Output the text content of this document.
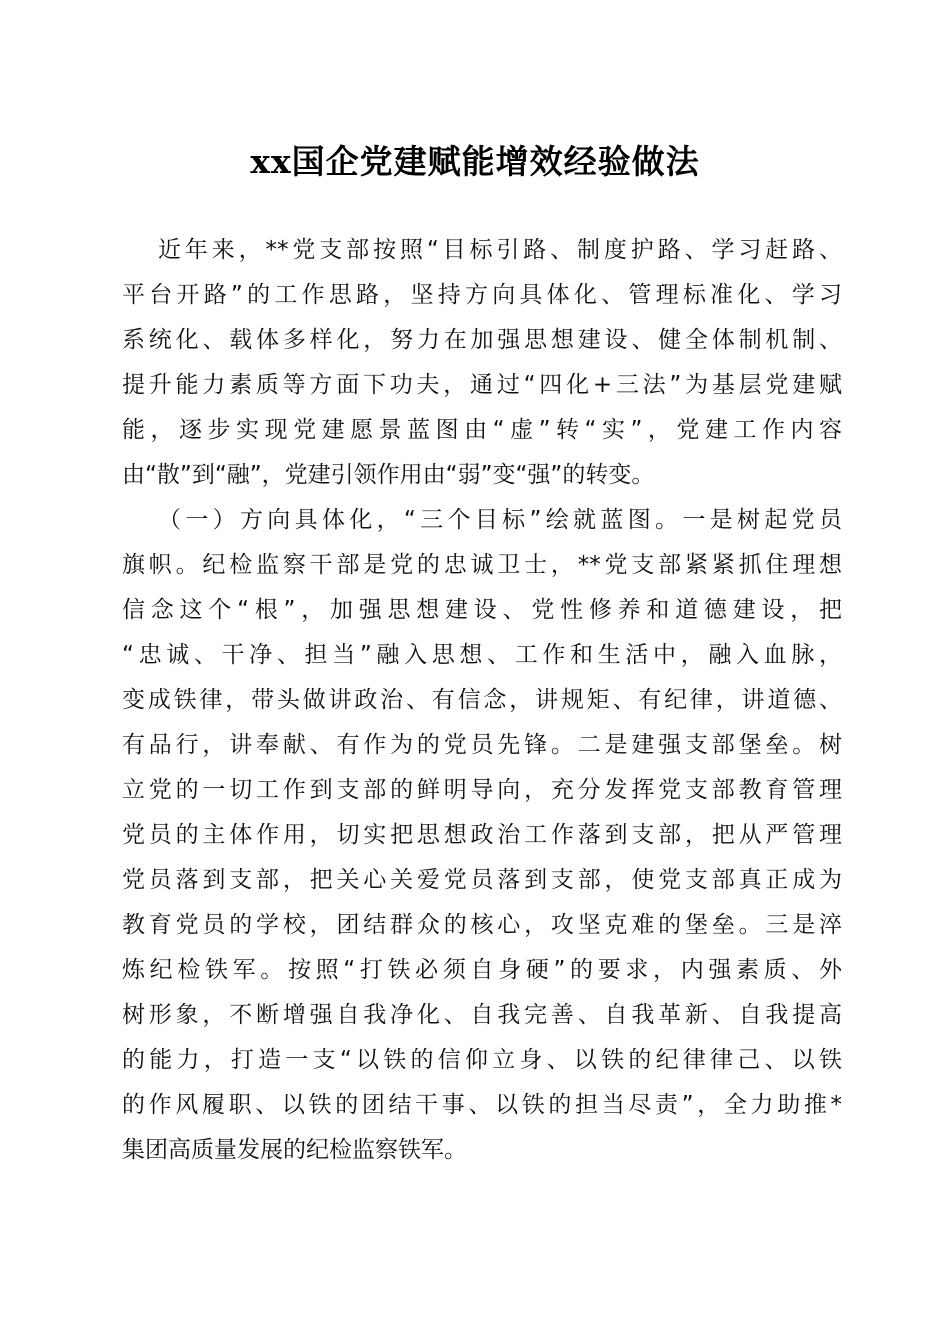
xx国企党建赋能增效经验做法
近年来，**党支部按照“目标引路、制度护路、学习赶路、
平台开路”的工作思路，坚持方向具体化、管理标准化、学习
系统化、载体多样化，努力在加强思想建设、健全体制机制、
提升能力素质等方面下功夫，通过“四化+三法”为基层党建赋
能，逐步实现党建愿景蓝图由“虚”转“实”，党建工作内容
由“散”到“融”，党建引领作用由“弱”变“强”的转变。
（一）方向具体化，“三个目标”绘就蓝图。一是树起党员
旗帜。纪检监察干部是党的忠诚卫士，**党支部紧紧抓住理想
信念这个“根”，加强思想建设、党性修养和道德建设，把
“忠诚、干净、担当”融入思想、工作和生活中，融入血脉，
变成铁律，带头做讲政治、有信念，讲规矩、有纪律，讲道德、
有品行，讲奉献、有作为的党员先锋。二是建强支部堡垒。树
立党的一切工作到支部的鲜明导向，充分发挥党支部教育管理
党员的主体作用，切实把思想政治工作落到支部，把从严管理
党员落到支部，把关心关爱党员落到支部，使党支部真正成为
教育党员的学校，团结群众的核心，攻坚克难的堡垒。三是淬
炼纪检铁军。按照“打铁必须自身硬”的要求，内强素质、外
树形象，不断增强自我净化、自我完善、自我革新、自我提高
的能力，打造一支“以铁的信仰立身、以铁的纪律律己、以铁
的作风履职、以铁的团结干事、以铁的担当尽责”，全力助推*
集团高质量发展的纪检监察铁军。
